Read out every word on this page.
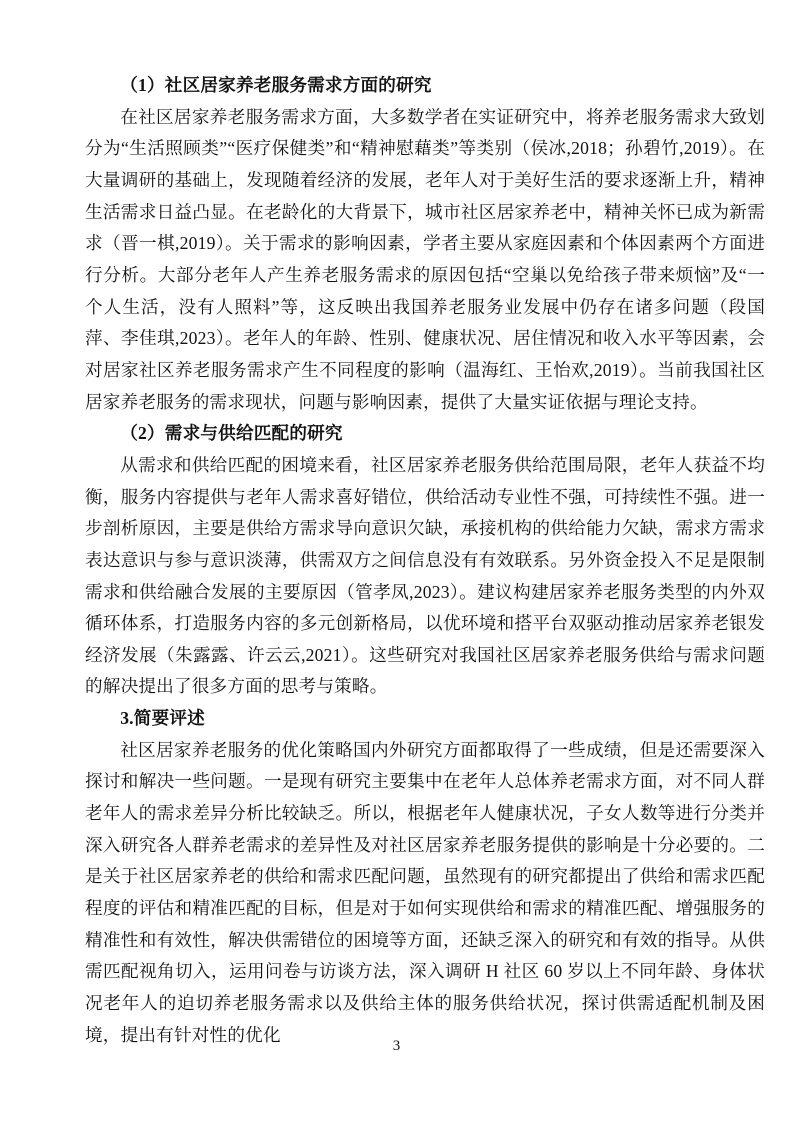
（1）社区居家养老服务需求方面的研究

在社区居家养老服务需求方面，大多数学者在实证研究中，将养老服务需求大致划分为“生活照顾类”“医疗保健类”和“精神慰藉类”等类别（侯冰,2018；孙碧竹,2019）。在大量调研的基础上，发现随着经济的发展，老年人对于美好生活的要求逐渐上升，精神生活需求日益凸显。在老龄化的大背景下，城市社区居家养老中，精神关怀已成为新需求（晋一棋,2019）。关于需求的影响因素，学者主要从家庭因素和个体因素两个方面进行分析。大部分老年人产生养老服务需求的原因包括“空巢以免给孩子带来烦恼”及“一个人生活，没有人照料”等，这反映出我国养老服务业发展中仍存在诸多问题（段国萍、李佳琪,2023）。老年人的年龄、性别、健康状况、居住情况和收入水平等因素，会对居家社区养老服务需求产生不同程度的影响（温海红、王怡欢,2019）。当前我国社区居家养老服务的需求现状，问题与影响因素，提供了大量实证依据与理论支持。

（2）需求与供给匹配的研究

从需求和供给匹配的困境来看，社区居家养老服务供给范围局限，老年人获益不均衡，服务内容提供与老年人需求喜好错位，供给活动专业性不强，可持续性不强。进一步剖析原因，主要是供给方需求导向意识欠缺，承接机构的供给能力欠缺，需求方需求表达意识与参与意识淡薄，供需双方之间信息没有有效联系。另外资金投入不足是限制需求和供给融合发展的主要原因（管孝凤,2023）。建议构建居家养老服务类型的内外双循环体系，打造服务内容的多元创新格局，以优环境和搭平台双驱动推动居家养老银发经济发展（朱露露、许云云,2021）。这些研究对我国社区居家养老服务供给与需求问题的解决提出了很多方面的思考与策略。

3.简要评述

社区居家养老服务的优化策略国内外研究方面都取得了一些成绩，但是还需要深入探讨和解决一些问题。一是现有研究主要集中在老年人总体养老需求方面，对不同人群老年人的需求差异分析比较缺乏。所以，根据老年人健康状况，子女人数等进行分类并深入研究各人群养老需求的差异性及对社区居家养老服务提供的影响是十分必要的。二是关于社区居家养老的供给和需求匹配问题，虽然现有的研究都提出了供给和需求匹配程度的评估和精准匹配的目标，但是对于如何实现供给和需求的精准匹配、增强服务的精准性和有效性，解决供需错位的困境等方面，还缺乏深入的研究和有效的指导。从供需匹配视角切入，运用问卷与访谈方法，深入调研 H 社区 60 岁以上不同年龄、身体状况老年人的迫切养老服务需求以及供给主体的服务供给状况，探讨供需适配机制及困境，提出有针对性的优化

3
